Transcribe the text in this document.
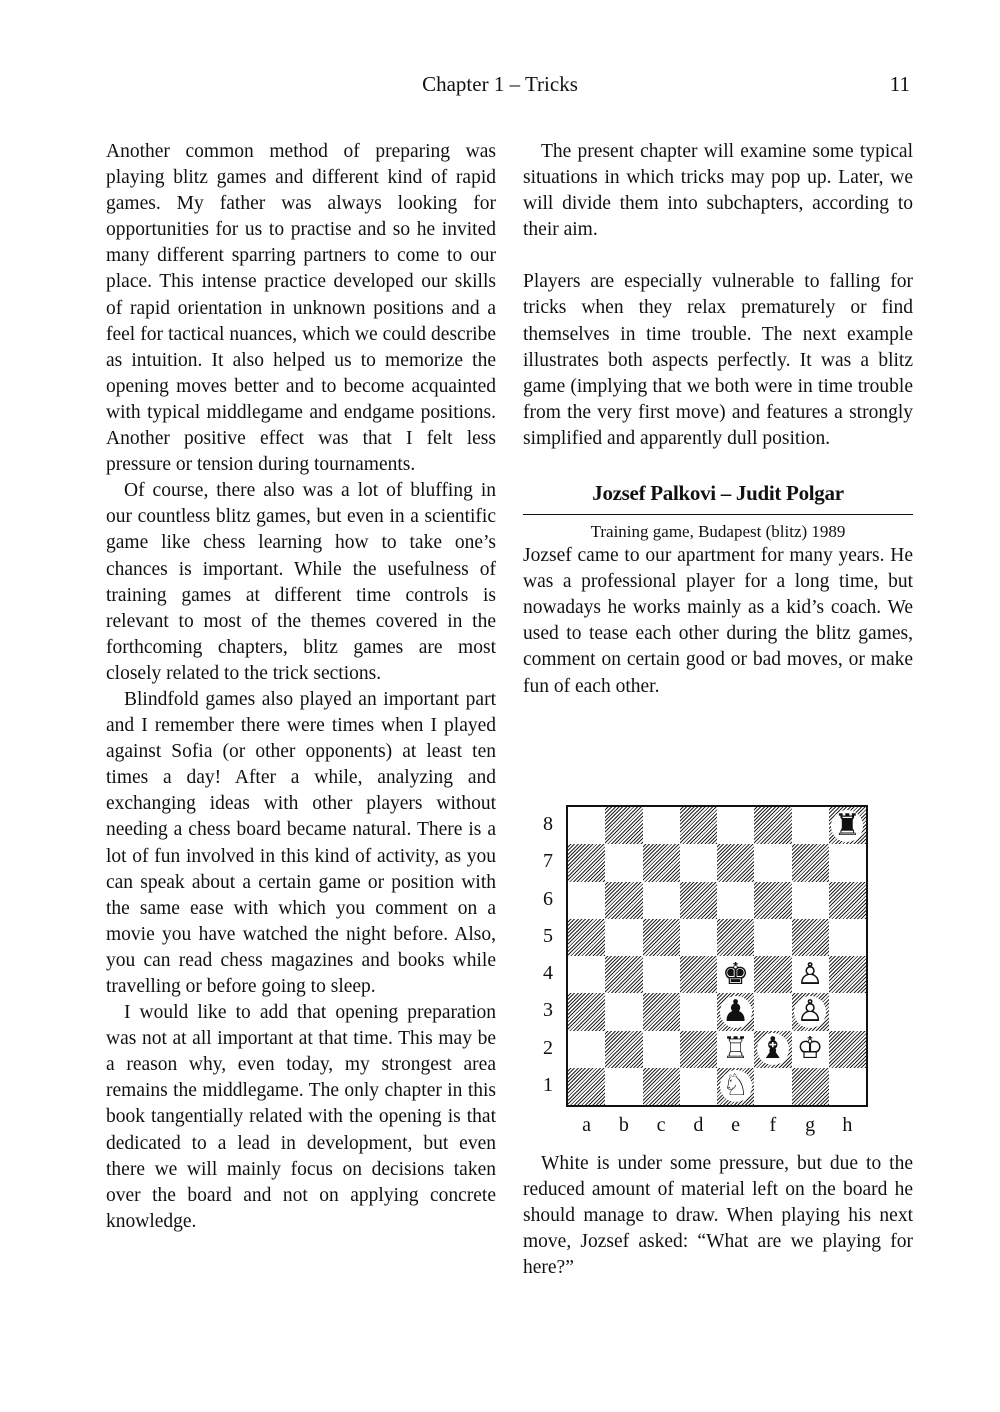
Chapter 1 – Tricks	11

Another common method of preparing was playing blitz games and different kind of rapid games. My father was always looking for opportunities for us to practise and so he invited many different sparring partners to come to our place. This intense practice developed our skills of rapid orientation in unknown positions and a feel for tactical nuances, which we could describe as intuition. It also helped us to memorize the opening moves better and to become acquainted with typical middlegame and endgame positions. Another positive effect was that I felt less pressure or tension during tournaments.

Of course, there also was a lot of bluffing in our countless blitz games, but even in a scientific game like chess learning how to take one’s chances is important. While the usefulness of training games at different time controls is relevant to most of the themes covered in the forthcoming chapters, blitz games are most closely related to the trick sections.

Blindfold games also played an important part and I remember there were times when I played against Sofia (or other opponents) at least ten times a day! After a while, analyzing and exchanging ideas with other players without needing a chess board became natural. There is a lot of fun involved in this kind of activity, as you can speak about a certain game or position with the same ease with which you comment on a movie you have watched the night before. Also, you can read chess magazines and books while travelling or before going to sleep.

I would like to add that opening preparation was not at all important at that time. This may be a reason why, even today, my strongest area remains the middlegame. The only chapter in this book tangentially related with the opening is that dedicated to a lead in development, but even there we will mainly focus on decisions taken over the board and not on applying concrete knowledge.

The present chapter will examine some typical situations in which tricks may pop up. Later, we will divide them into subchapters, according to their aim.

Players are especially vulnerable to falling for tricks when they relax prematurely or find themselves in time trouble. The next example illustrates both aspects perfectly. It was a blitz game (implying that we both were in time trouble from the very first move) and features a strongly simplified and apparently dull position.

Jozsef Palkovi – Judit Polgar
Training game, Budapest (blitz) 1989

Jozsef came to our apartment for many years. He was a professional player for a long time, but nowadays he works mainly as a kid’s coach. We used to tease each other during the blitz games, comment on certain good or bad moves, or make fun of each other.

8
7
6
5
4
3
2
1
♜
♚ ♙
♟ ♙
♖ ♝ ♔
♘
a	b	c	d	e	f	g	h

White is under some pressure, but due to the reduced amount of material left on the board he should manage to draw. When playing his next move, Jozsef asked: “What are we playing for here?”
